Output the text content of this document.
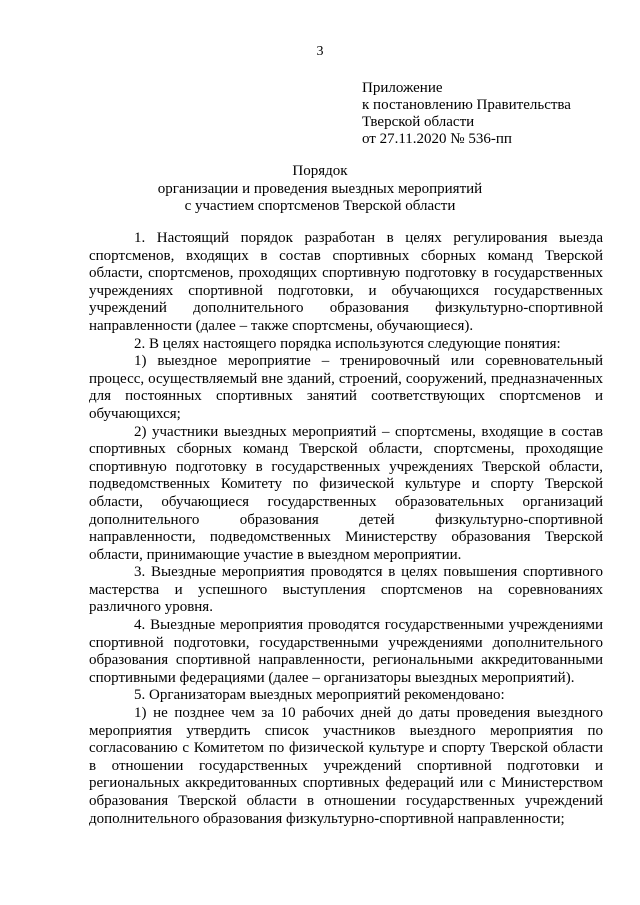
3
Приложение
к постановлению Правительства
Тверской области
от 27.11.2020 № 536-пп
Порядок
организации и проведения выездных мероприятий
с участием спортсменов Тверской области

1. Настоящий порядок разработан в целях регулирования выезда спортсменов, входящих в состав спортивных сборных команд Тверской области, спортсменов, проходящих спортивную подготовку в государственных учреждениях спортивной подготовки, и обучающихся государственных учреждений дополнительного образования физкультурно-спортивной направленности (далее – также спортсмены, обучающиеся).

2. В целях настоящего порядка используются следующие понятия:

1) выездное мероприятие – тренировочный или соревновательный процесс, осуществляемый вне зданий, строений, сооружений, предназначенных для постоянных спортивных занятий соответствующих спортсменов и обучающихся;

2) участники выездных мероприятий – спортсмены, входящие в состав спортивных сборных команд Тверской области, спортсмены, проходящие спортивную подготовку в государственных учреждениях Тверской области, подведомственных Комитету по физической культуре и спорту Тверской области, обучающиеся государственных образовательных организаций дополнительного образования детей физкультурно-спортивной направленности, подведомственных Министерству образования Тверской области, принимающие участие в выездном мероприятии.

3. Выездные мероприятия проводятся в целях повышения спортивного мастерства и успешного выступления спортсменов на соревнованиях различного уровня.

4. Выездные мероприятия проводятся государственными учреждениями спортивной подготовки, государственными учреждениями дополнительного образования спортивной направленности, региональными аккредитованными спортивными федерациями (далее – организаторы выездных мероприятий).

5. Организаторам выездных мероприятий рекомендовано:

1) не позднее чем за 10 рабочих дней до даты проведения выездного мероприятия утвердить список участников выездного мероприятия по согласованию с Комитетом по физической культуре и спорту Тверской области в отношении государственных учреждений спортивной подготовки и региональных аккредитованных спортивных федераций или с Министерством образования Тверской области в отношении государственных учреждений дополнительного образования физкультурно-спортивной направленности;
